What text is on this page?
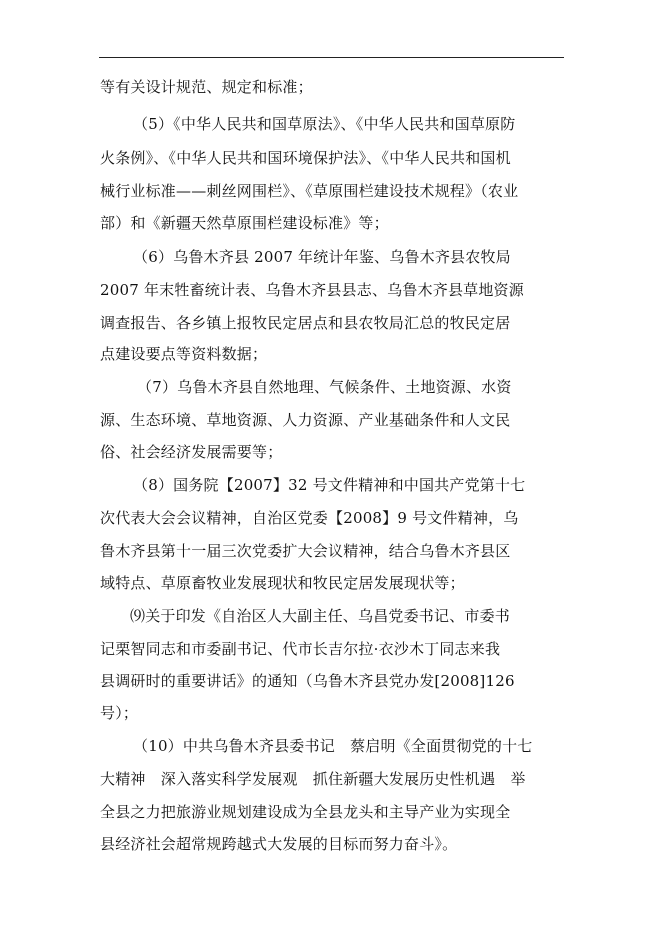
等有关设计规范、规定和标准；
（5）《中华人民共和国草原法》、《中华人民共和国草原防
火条例》、《中华人民共和国环境保护法》、《中华人民共和国机
械行业标准——刺丝网围栏》、《草原围栏建设技术规程》（农业
部）和《新疆天然草原围栏建设标准》等；
（6）乌鲁木齐县 2007 年统计年鉴、乌鲁木齐县农牧局
2007 年末牲畜统计表、乌鲁木齐县县志、乌鲁木齐县草地资源
调查报告、各乡镇上报牧民定居点和县农牧局汇总的牧民定居
点建设要点等资料数据；
（7）乌鲁木齐县自然地理、气候条件、土地资源、水资
源、生态环境、草地资源、人力资源、产业基础条件和人文民
俗、社会经济发展需要等；
（8）国务院【2007】32 号文件精神和中国共产党第十七
次代表大会会议精神，自治区党委【2008】9 号文件精神，乌
鲁木齐县第十一届三次党委扩大会议精神，结合乌鲁木齐县区
域特点、草原畜牧业发展现状和牧民定居发展现状等；
⑼关于印发《自治区人大副主任、乌昌党委书记、市委书
记栗智同志和市委副书记、代市长吉尔拉·衣沙木丁同志来我
县调研时的重要讲话》的通知（乌鲁木齐县党办发[2008]126
号）；
（10）中共乌鲁木齐县委书记　蔡启明《全面贯彻党的十七
大精神　深入落实科学发展观　抓住新疆大发展历史性机遇　举
全县之力把旅游业规划建设成为全县龙头和主导产业为实现全
县经济社会超常规跨越式大发展的目标而努力奋斗》。
